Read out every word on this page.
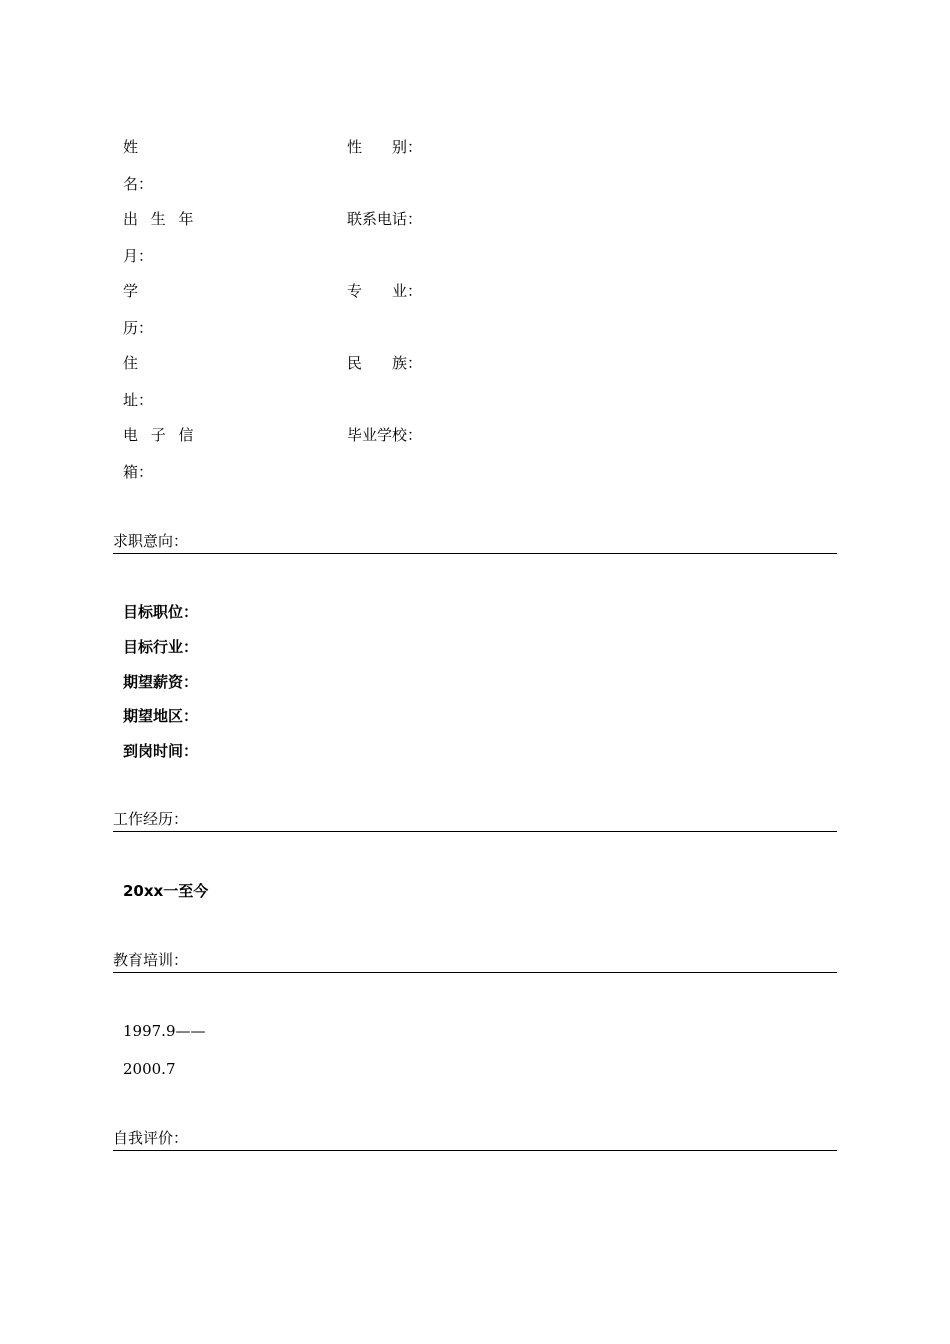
姓
名：
性　　别：
出 生 年
月：
联系电话：
学
历：
专　　业：
住
址：
民　　族：
电 子 信
箱：
毕业学校：
求职意向：
目标职位：
目标行业：
期望薪资：
期望地区：
到岗时间：
工作经历：
20xx一至今
教育培训：
1997.9——
2000.7
自我评价：
